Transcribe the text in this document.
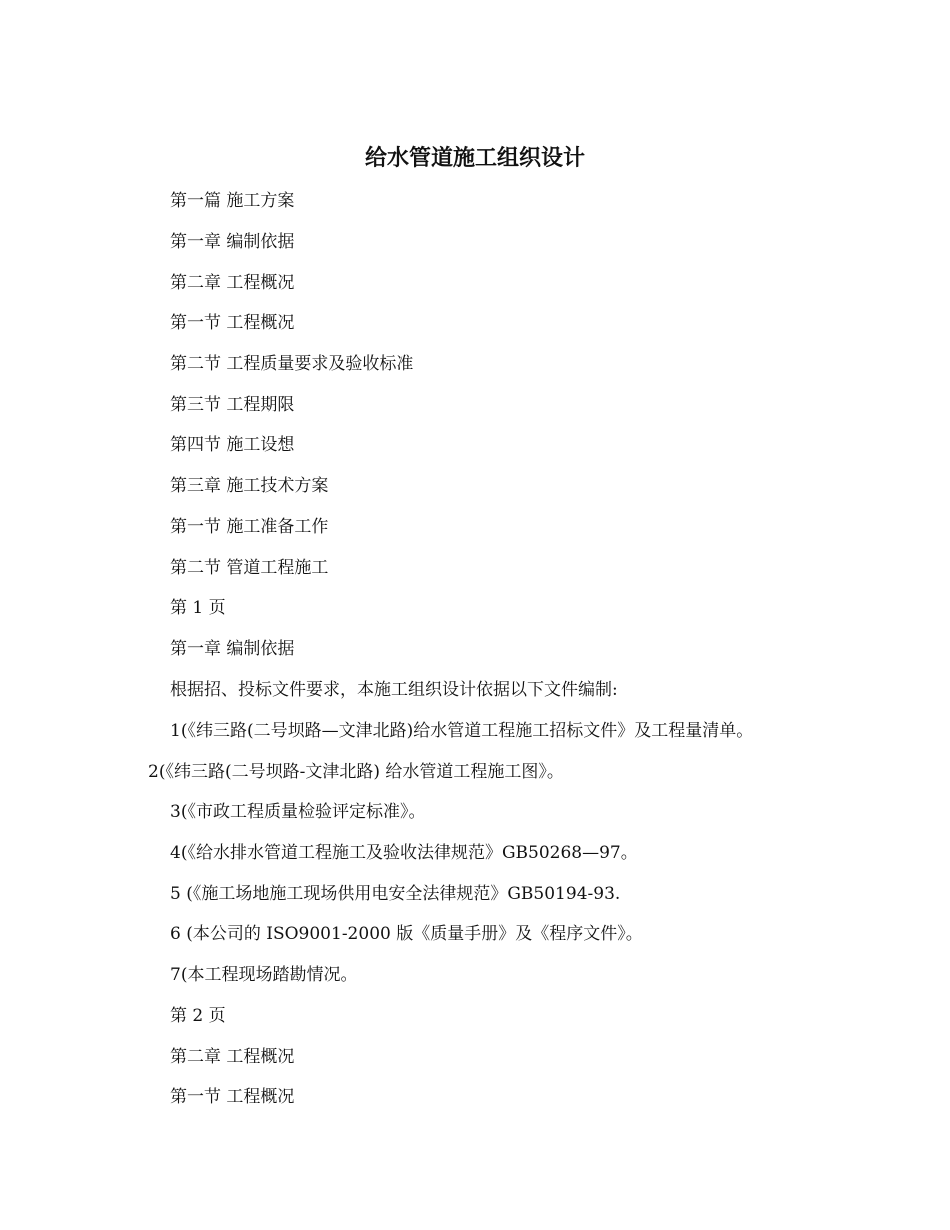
给水管道施工组织设计
第一篇 施工方案
第一章 编制依据
第二章 工程概况
第一节 工程概况
第二节 工程质量要求及验收标准
第三节 工程期限
第四节 施工设想
第三章 施工技术方案
第一节 施工准备工作
第二节 管道工程施工
第 1 页
第一章 编制依据
根据招、投标文件要求，本施工组织设计依据以下文件编制:
1(《纬三路(二号坝路—文津北路)给水管道工程施工招标文件》及工程量清单。
2(《纬三路(二号坝路-文津北路) 给水管道工程施工图》。
3(《市政工程质量检验评定标准》。
4(《给水排水管道工程施工及验收法律规范》GB50268—97。
5 (《施工场地施工现场供用电安全法律规范》GB50194-93.
6 (本公司的 ISO9001-2000 版《质量手册》及《程序文件》。
7(本工程现场踏勘情况。
第 2 页
第二章 工程概况
第一节 工程概况
